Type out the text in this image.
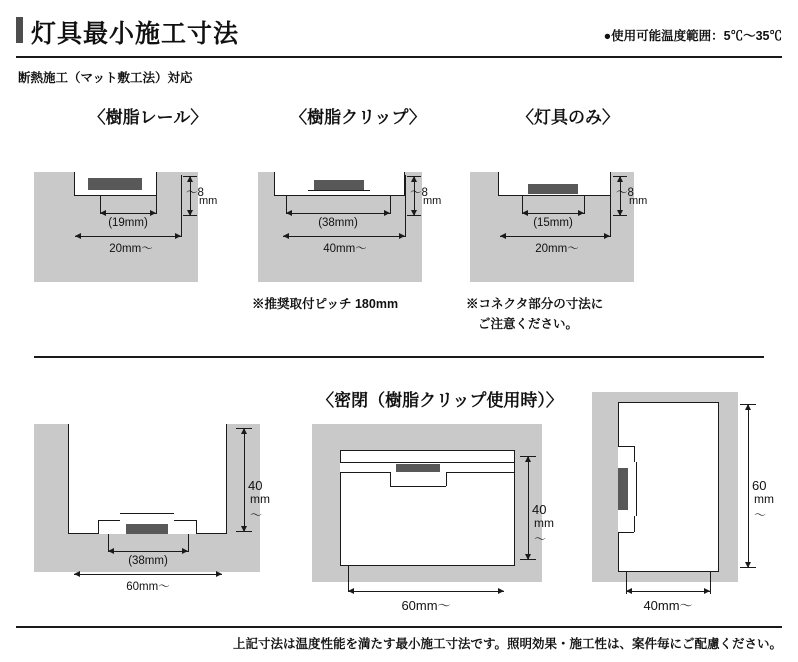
灯具最小施工寸法	●使用可能温度範囲：5℃〜35℃
断熱施工（マット敷工法）対応
〈樹脂レール〉	〈樹脂クリップ〉	〈灯具のみ〉
(19mm)
20mm〜
〜8
mm
(38mm)
40mm〜
〜8
mm
※推奨取付ピッチ 180mm
(15mm)
20mm〜
〜8
mm
※コネクタ部分の寸法に
ご注意ください。
〈密閉（樹脂クリップ使用時）〉
(38mm)
60mm〜
40
mm
〜
60mm〜
40
mm
〜
40mm〜
60
mm
〜
上記寸法は温度性能を満たす最小施工寸法です。照明効果・施工性は、案件毎にご配慮ください。
